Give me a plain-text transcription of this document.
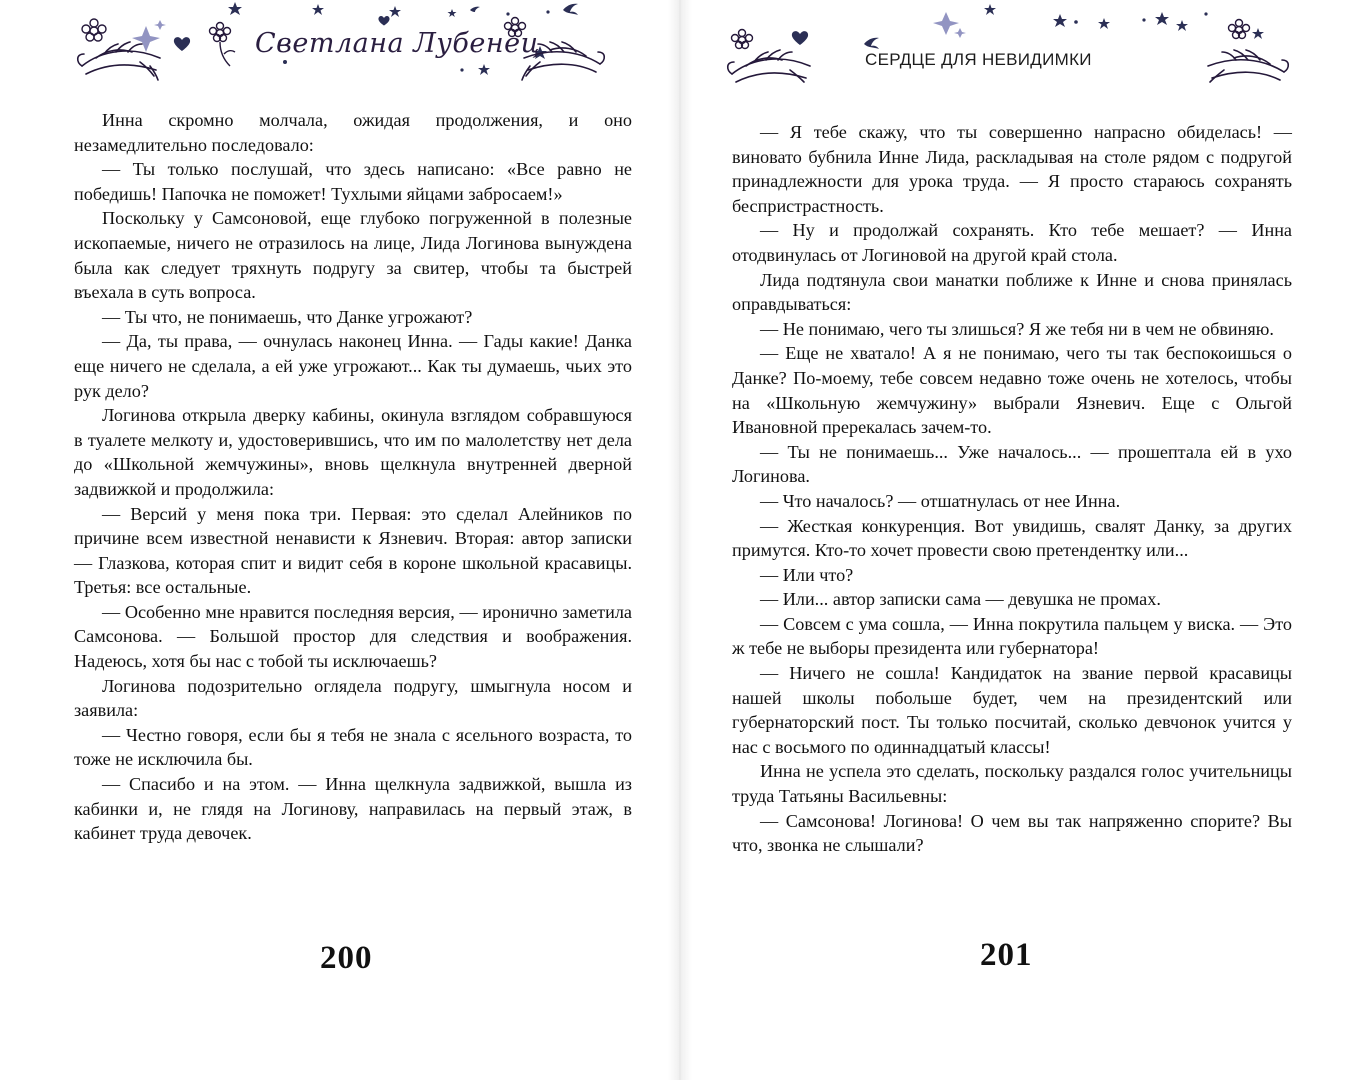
Светлана Лубенец

Инна скромно молчала, ожидая продолжения, и оно незамедлительно последовало:

— Ты только послушай, что здесь написано: «Все равно не победишь! Папочка не поможет! Тухлыми яйцами забросаем!»

Поскольку у Самсоновой, еще глубоко погруженной в полезные ископаемые, ничего не отразилось на лице, Лида Логинова вынуждена была как следует тряхнуть подругу за свитер, чтобы та быстрей въехала в суть вопроса.

— Ты что, не понимаешь, что Данке угрожают?

— Да, ты права, — очнулась наконец Инна. — Гады какие! Данка еще ничего не сделала, а ей уже угрожают... Как ты думаешь, чьих это рук дело?

Логинова открыла дверку кабины, окинула взглядом собравшуюся в туалете мелкоту и, удостоверившись, что им по малолетству нет дела до «Школьной жемчужины», вновь щелкнула внутренней дверной задвижкой и продолжила:

— Версий у меня пока три. Первая: это сделал Алейников по причине всем известной ненависти к Язневич. Вторая: автор записки — Глазкова, которая спит и видит себя в короне школьной красавицы. Третья: все остальные.

— Особенно мне нравится последняя версия, — иронично заметила Самсонова. — Большой простор для следствия и воображения. Надеюсь, хотя бы нас с тобой ты исключаешь?

Логинова подозрительно оглядела подругу, шмыгнула носом и заявила:

— Честно говоря, если бы я тебя не знала с ясельного возраста, то тоже не исключила бы.

— Спасибо и на этом. — Инна щелкнула задвижкой, вышла из кабинки и, не глядя на Логинову, направилась на первый этаж, в кабинет труда девочек.

200
СЕРДЦЕ ДЛЯ НЕВИДИМКИ

— Я тебе скажу, что ты совершенно напрасно обиделась! — виновато бубнила Инне Лида, раскладывая на столе рядом с подругой принадлежности для урока труда. — Я просто стараюсь сохранять беспристрастность.

— Ну и продолжай сохранять. Кто тебе мешает? — Инна отодвинулась от Логиновой на другой край стола.

Лида подтянула свои манатки поближе к Инне и снова принялась оправдываться:

— Не понимаю, чего ты злишься? Я же тебя ни в чем не обвиняю.

— Еще не хватало! А я не понимаю, чего ты так беспокоишься о Данке? По-моему, тебе совсем недавно тоже очень не хотелось, чтобы на «Школьную жемчужину» выбрали Язневич. Еще с Ольгой Ивановной пререкалась зачем-то.

— Ты не понимаешь... Уже началось... — прошептала ей в ухо Логинова.

— Что началось? — отшатнулась от нее Инна.

— Жесткая конкуренция. Вот увидишь, свалят Данку, за других примутся. Кто-то хочет провести свою претендентку или...

— Или что?

— Или... автор записки сама — девушка не промах.

— Совсем с ума сошла, — Инна покрутила пальцем у виска. — Это ж тебе не выборы президента или губернатора!

— Ничего не сошла! Кандидаток на звание первой красавицы нашей школы побольше будет, чем на президентский или губернаторский пост. Ты только посчитай, сколько девчонок учится у нас с восьмого по одиннадцатый классы!

Инна не успела это сделать, поскольку раздался голос учительницы труда Татьяны Васильевны:

— Самсонова! Логинова! О чем вы так напряженно спорите? Вы что, звонка не слышали?

201
